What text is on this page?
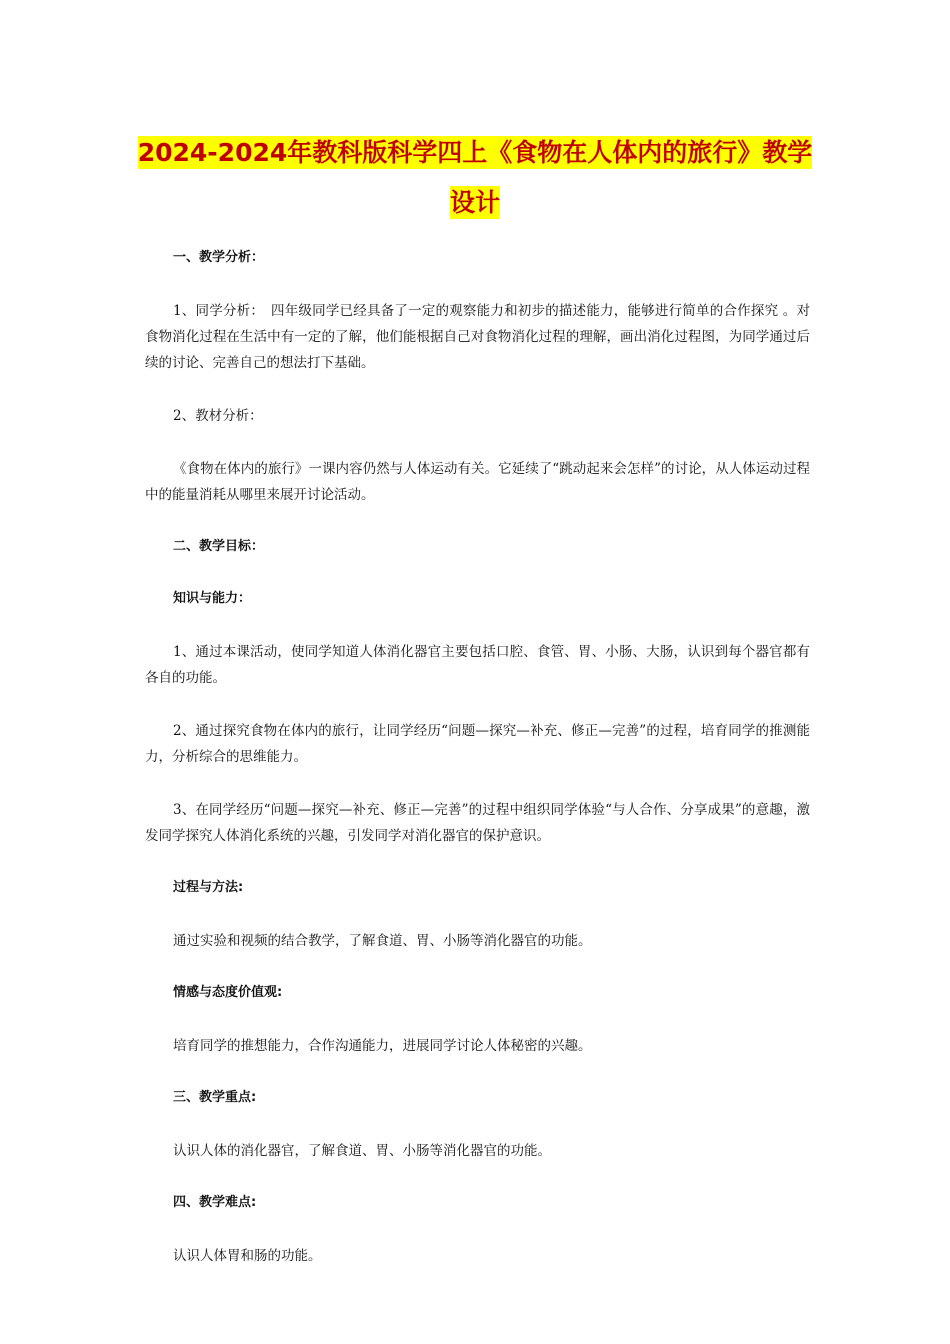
2024-2024年教科版科学四上《食物在人体内的旅行》教学
设计
一、教学分析：

1、同学分析：　四年级同学已经具备了一定的观察能力和初步的描述能力，能够进行简单的合作探究 。对食物消化过程在生活中有一定的了解，他们能根据自己对食物消化过程的理解，画出消化过程图，为同学通过后续的讨论、完善自己的想法打下基础。

2、教材分析：

《食物在体内的旅行》一课内容仍然与人体运动有关。它延续了“跳动起来会怎样”的讨论，从人体运动过程中的能量消耗从哪里来展开讨论活动。

二、教学目标：
知识与能力：

1、通过本课活动，使同学知道人体消化器官主要包括口腔、食管、胃、小肠、大肠，认识到每个器官都有各自的功能。

2、通过探究食物在体内的旅行，让同学经历“问题—探究—补充、修正—完善”的过程，培育同学的推测能力，分析综合的思维能力。

3、在同学经历“问题—探究—补充、修正—完善”的过程中组织同学体验“与人合作、分享成果”的意趣，激发同学探究人体消化系统的兴趣，引发同学对消化器官的保护意识。

过程与方法:

通过实验和视频的结合教学，了解食道、胃、小肠等消化器官的功能。

情感与态度价值观:

培育同学的推想能力，合作沟通能力，进展同学讨论人体秘密的兴趣。

三、教学重点:

认识人体的消化器官，了解食道、胃、小肠等消化器官的功能。

四、教学难点:

认识人体胃和肠的功能。
